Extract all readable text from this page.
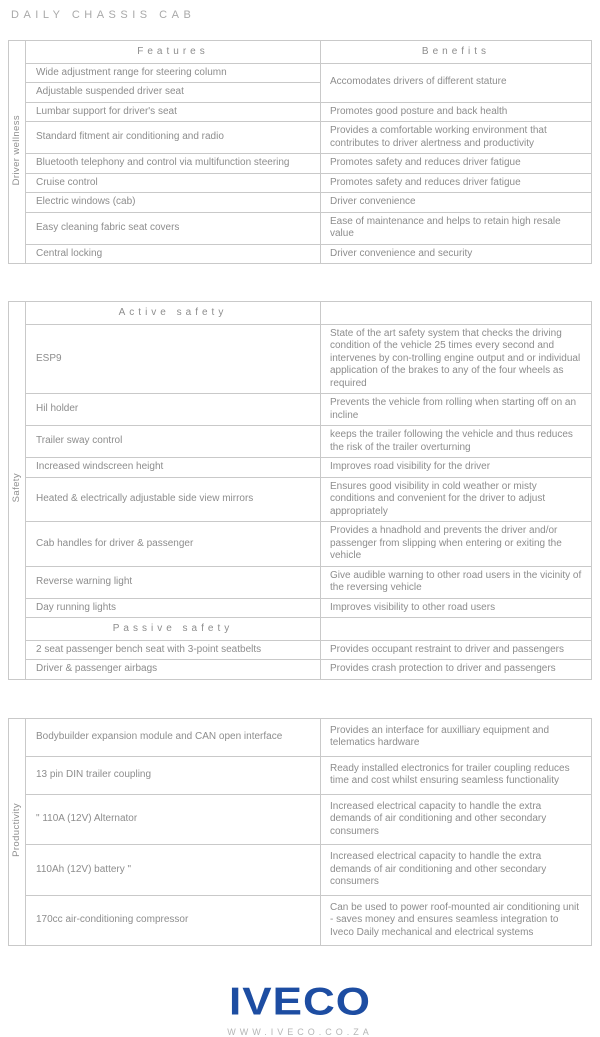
DAILY CHASSIS CAB
Driver wellness	Features	Benefits
	Wide adjustment range for steering column	Accomodates drivers of different stature
	Adjustable suspended driver seat	
	Lumbar support for driver's seat	Promotes good posture and back health
	Standard fitment air conditioning and radio	Provides a comfortable working environment that contributes to driver alertness and productivity
	Bluetooth telephony and control via multifunction steering	Promotes safety and reduces driver fatigue
	Cruise control	Promotes safety and reduces driver fatigue
	Electric windows (cab)	Driver convenience
	Easy cleaning fabric seat covers	Ease of maintenance and helps to retain high resale value
	Central locking	Driver convenience and security
Safety	Active safety	
	ESP9	State of the art safety system that checks the driving condition of the vehicle 25 times every second and intervenes by con-trolling engine output and or individual application of the brakes to any of the four wheels as required
	Hil holder	Prevents the vehicle from rolling when starting off on an incline
	Trailer sway control	keeps the trailer following the vehicle and thus reduces the risk of the trailer overturning
	Increased windscreen height	Improves road visibility for the driver
	Heated & electrically adjustable side view mirrors	Ensures good visibility in cold weather or misty conditions and convenient for the driver to adjust appropriately
	Cab handles for driver & passenger	Provides a hnadhold and prevents the driver and/or passenger from slipping when entering or exiting the vehicle
	Reverse warning light	Give audible warning to other road users in the vicinity of the reversing vehicle
	Day running lights	Improves visibility to other road users
	Passive safety	
	2 seat passenger bench seat with 3-point seatbelts	Provides occupant restraint to driver and passengers
	Driver & passenger airbags	Provides crash protection to driver and passengers
Productivity	Bodybuilder expansion module and CAN open interface	Provides an interface for auxilliary equipment and telematics hardware
	13 pin DIN trailer coupling	Ready installed electronics for trailer coupling reduces time and cost whilst ensuring seamless functionality
	" 110A (12V) Alternator	Increased electrical capacity to handle the extra demands of air conditioning and other secondary consumers
	110Ah (12V) battery "	Increased electrical capacity to handle the extra demands of air conditioning and other secondary consumers
	170cc air-conditioning compressor	Can be used to power roof-mounted air conditioning unit - saves money and ensures seamless integration to Iveco Daily mechanical and electrical systems
IVECO
WWW.IVECO.CO.ZA
